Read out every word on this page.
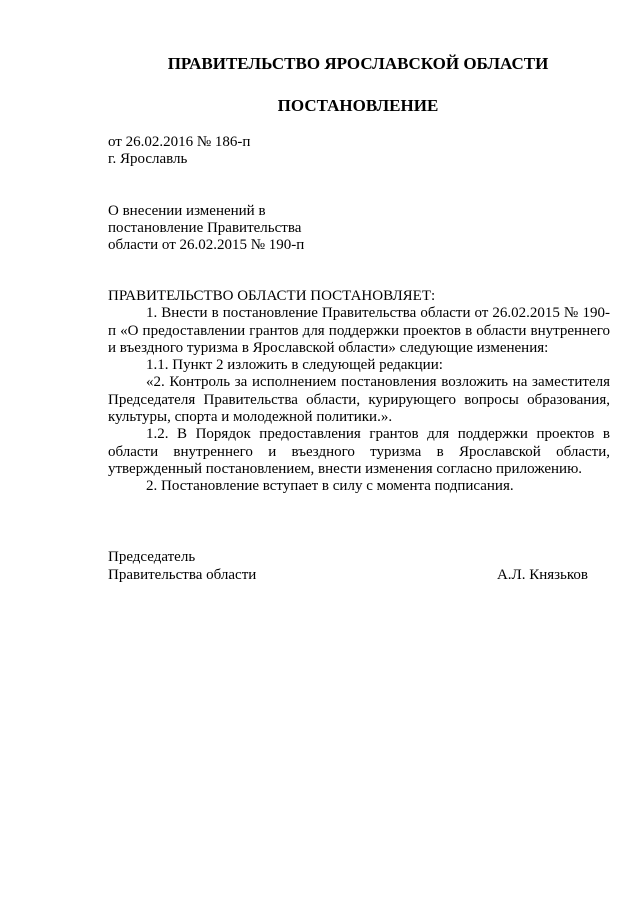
ПРАВИТЕЛЬСТВО ЯРОСЛАВСКОЙ ОБЛАСТИ
ПОСТАНОВЛЕНИЕ
от 26.02.2016 № 186-п
г. Ярославль
О внесении изменений в
постановление Правительства
области от 26.02.2015 № 190-п

ПРАВИТЕЛЬСТВО ОБЛАСТИ ПОСТАНОВЛЯЕТ:

1. Внести в постановление Правительства области от 26.02.2015 № 190-п «О предоставлении грантов для поддержки проектов в области внутреннего и въездного туризма в Ярославской области» следующие изменения:

1.1. Пункт 2 изложить в следующей редакции:

«2. Контроль за исполнением постановления возложить на заместителя Председателя Правительства области, курирующего вопросы образования, культуры, спорта и молодежной политики.».

1.2. В Порядок предоставления грантов для поддержки проектов в области внутреннего и въездного туризма в Ярославской области, утвержденный постановлением, внести изменения согласно приложению.

2. Постановление вступает в силу с момента подписания.

Председатель
Правительства области	А.Л. Князьков
